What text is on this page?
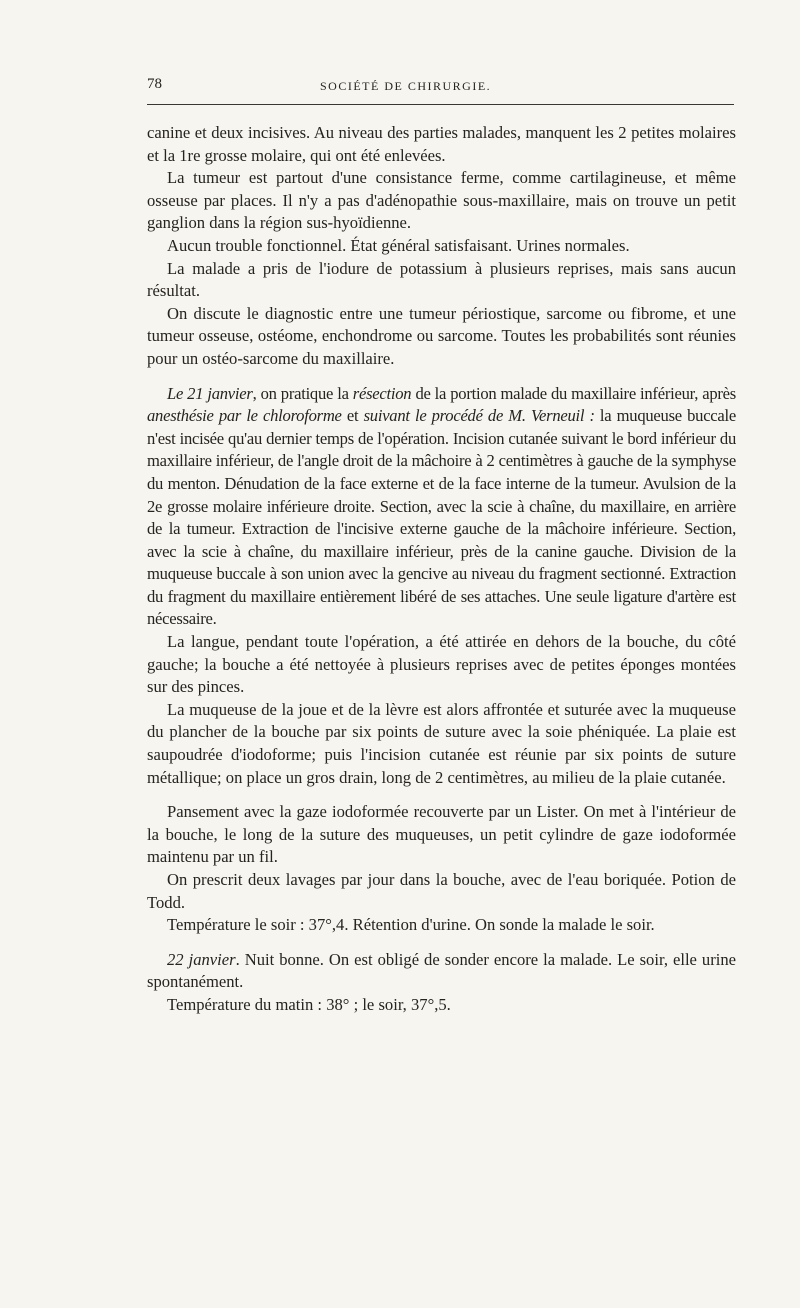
78	SOCIÉTÉ DE CHIRURGIE.

canine et deux incisives. Au niveau des parties malades, manquent les 2 petites molaires et la 1re grosse molaire, qui ont été enlevées.

La tumeur est partout d'une consistance ferme, comme cartilagineuse, et même osseuse par places. Il n'y a pas d'adénopathie sous-maxillaire, mais on trouve un petit ganglion dans la région sus-hyoïdienne.

Aucun trouble fonctionnel. État général satisfaisant. Urines normales.

La malade a pris de l'iodure de potassium à plusieurs reprises, mais sans aucun résultat.

On discute le diagnostic entre une tumeur périostique, sarcome ou fibrome, et une tumeur osseuse, ostéome, enchondrome ou sarcome. Toutes les probabilités sont réunies pour un ostéo-sarcome du maxillaire.

Le 21 janvier, on pratique la résection de la portion malade du maxillaire inférieur, après anesthésie par le chloroforme et suivant le procédé de M. Verneuil : la muqueuse buccale n'est incisée qu'au dernier temps de l'opération. Incision cutanée suivant le bord inférieur du maxillaire inférieur, de l'angle droit de la mâchoire à 2 centimètres à gauche de la symphyse du menton. Dénudation de la face externe et de la face interne de la tumeur. Avulsion de la 2e grosse molaire inférieure droite. Section, avec la scie à chaîne, du maxillaire, en arrière de la tumeur. Extraction de l'incisive externe gauche de la mâchoire inférieure. Section, avec la scie à chaîne, du maxillaire inférieur, près de la canine gauche. Division de la muqueuse buccale à son union avec la gencive au niveau du fragment sectionné. Extraction du fragment du maxillaire entièrement libéré de ses attaches. Une seule ligature d'artère est nécessaire.

La langue, pendant toute l'opération, a été attirée en dehors de la bouche, du côté gauche; la bouche a été nettoyée à plusieurs reprises avec de petites éponges montées sur des pinces.

La muqueuse de la joue et de la lèvre est alors affrontée et suturée avec la muqueuse du plancher de la bouche par six points de suture avec la soie phéniquée. La plaie est saupoudrée d'iodoforme; puis l'incision cutanée est réunie par six points de suture métallique; on place un gros drain, long de 2 centimètres, au milieu de la plaie cutanée.

Pansement avec la gaze iodoformée recouverte par un Lister. On met à l'intérieur de la bouche, le long de la suture des muqueuses, un petit cylindre de gaze iodoformée maintenu par un fil.

On prescrit deux lavages par jour dans la bouche, avec de l'eau boriquée. Potion de Todd.

Température le soir : 37°,4. Rétention d'urine. On sonde la malade le soir.

22 janvier. Nuit bonne. On est obligé de sonder encore la malade. Le soir, elle urine spontanément.

Température du matin : 38° ; le soir, 37°,5.
